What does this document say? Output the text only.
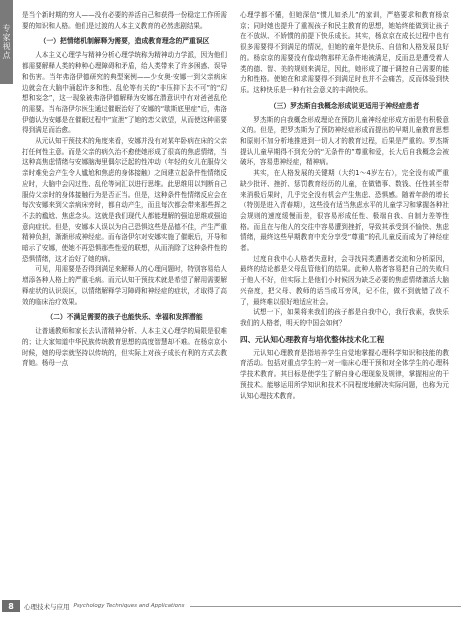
专家视点

是当个新时期的穷人——没有必要的养活自己和获得一份稳定工作所需要的知识和人格。他们是过渡的人本主义教育的必然悲剧结果。

（一）把情绪机制解释为需要，造成教育理念的严重误区

人本主义心理学与精神分析心理学统称为精神动力学派，因为他们都需要解释人类的种种心理障碍和矛盾，给人类带来了许多困惑、误导和伤害。当年弗洛伊德研究的典型案例——少女奥·安娜一到父亲病床边就会在大脑中涌起许多和性、乱伦等有关的“非压抑下去不可”的“幻想和妄念”，这一现象被弗洛伊德解释为安娜在潜意识中有对爸爸乱伦的需要。当布洛伊尔医生通过催眠治好了安娜的“歇斯底里症”后，弗洛伊德认为安娜是在催眠过程中“宣泄”了她的恋父欲望，从而使这种需要得到满足而治愈。

从元认知干预技术的角度来看，安娜并没有对某年卧病在床的父亲打任何性主意。而是父亲的病久治不愈使她形成了很高的焦虑情绪，当这种高焦虑情绪与安娜脑海里偶尔泛起的性冲动（年轻的女儿在服侍父亲时难免会产生令人尴尬和焦虑的身体接触）之间建立起条件性情绪反应时，大脑中会闪过性、乱伦等词汇以进行思维。此思维用以判断自己服侍父亲时的身体接触行为是否正当。但是，这种条件性情绪反应会在每次安娜来到父亲病床旁时，都自动产生，而且每次都会带来那些挥之不去的尴尬、焦虑念头。这就是我们现代人都能理解的强迫思维或强迫意向症状。但是，安娜本人误以为自己恐惧这些是品德不佳，产生严重精神负担，渐渐形成神经症。而布洛伊尔对安娜实施了催眠后，开导和暗示了安娜，使她不再恐惧那些性爱的联想，从而消除了这种条件性的恐惧情绪，这才治好了她的病。

可见，用需要是否得到满足来解释人的心理问题时，特别容易给人增添各种人格上的严重毛病。而元认知干预技术就是希望了解用需要解释症状的认识误区，以情绪解释学习障碍和神经症的症状，才取得了高效的临床治疗效果。

（二）不满足需要的孩子也能快乐、幸福和发挥潜能

让普通教师和家长去认清精神分析、人本主义心理学的局限是很难的；让大家知道中华民族传统教育思想的高度智慧却不难。在杨京京小时候，她的母亲就坚持以传统的，但实际上对孩子成长有利的方式去教育她。杨母一点

心理学都不懂，但她深信“惯儿如杀儿”的家训，严格要求和教育杨京京；同时她也提升了重视孩子和民主教育的思想，她始终能做到让孩子在不放纵、不娇惯的前提下快乐成长。其实，杨京京在成长过程中也有很多需要得不到满足的情况，但她的童年是快乐、自信和人格发展良好的。杨京京的需要没有像动物那样无条件地被满足，反而总是遭受着人类的德、智、美的规则来满足，因此，她形成了擅于调控自己需要的能力和性格。使她在和求需要得不到满足时也并不会痛苦，反而体验到快乐。这种快乐是一种有社会意义的丰满快乐。

（三）罗杰斯自我概念形成说更适用于神经症患者

罗杰斯的自我概念形成理论在预防儿童神经症形成方面是有积极意义的。但是，把罗杰斯为了预防神经症形成而提出的早期儿童教育思想和原则不加分析地推进到一切人才的教育过程，后果是严重的。罗杰斯提认儿童早期得不到充分的“无条件的”尊重和爱，长大后自我概念会被破坏，容易患神经症，精神病。

其实，在人格发展的关键期（大约1～4岁左右），完全没有或严重缺少批评、挫折、惩罚教育经历的儿童，在做错事、数钱、任性甚至带来消极后果时，几乎完全没有机会产生焦虑、恐惧感。随着年龄的增长（特别是进入青春期），这些没有适当焦虑水平的儿童学习和掌握各种社会规则的速度缓慢而差，很容易形成任性、极端自我、自制力差等性格。而且在与他人的交往中容易遭到挫折，导致其承受到不愉快、焦虑情绪，最终这些早期教育中充分享受“尊重”的孔儿童反而成为了神经症者。

过度自我中心人格者失意时，会寻找同类遭遇者交流和分析原因，最终的结论都是父母乱管他们的结果。此种人格者容易把自己的失败归于他人不好，但实际上是他们小时候因为缺乏必要的焦虑情绪激活大脑兴奋度，把父母、教师的话当成耳旁风，记不住，做不到就错了改不了，最终难以很好地适应社会。

试想一下，如果将来我们的孩子都是自我中心，我行我素，我快乐我们的人格者，明天的中国会如何？

四、元认知心理教育与培优整体技术化工程

元认知心理教育是指培养学生自觉地掌握心理科学知识和技能的教育活动。包括对重点学生的一对一临床心理干预和对全体学生的心理科学技术教育。其目标是使学生了解自身心理现象及规律，掌握相应的干预技术。能够运用所学知识和技术不同程度地解决实际问题，也称为元认知心理技术教育。

8	心理技术与应用 Psychology Techniques and Applications
